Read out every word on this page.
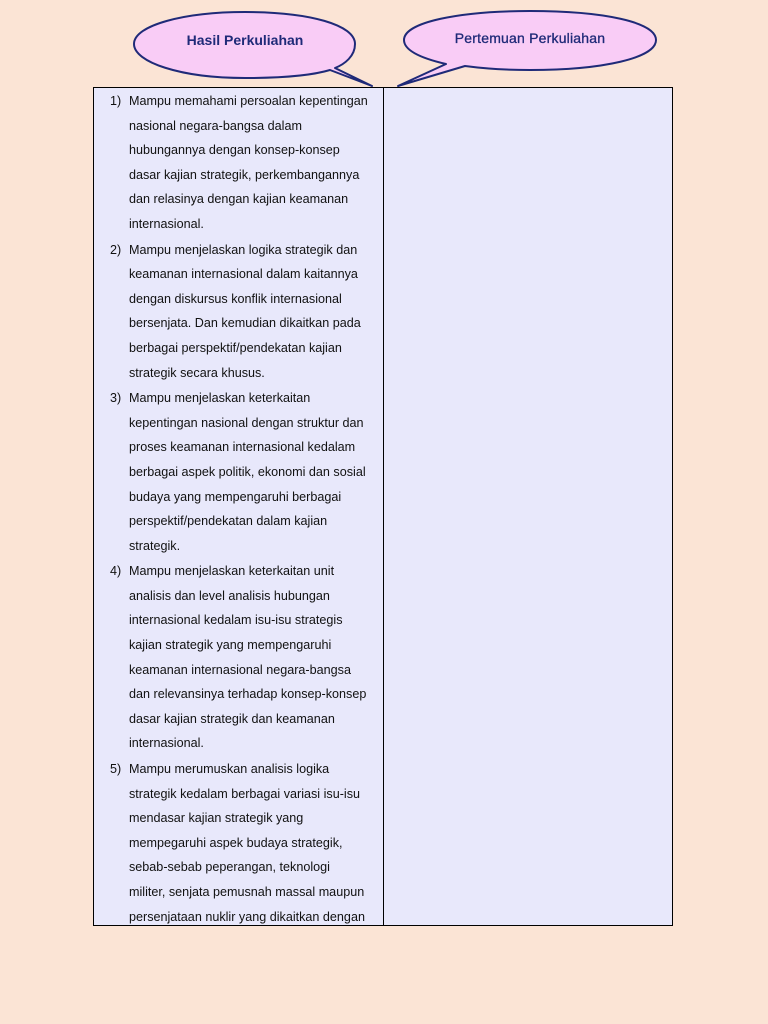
Hasil Perkuliahan	Pertemuan Perkuliahan
1) Mampu memahami persoalan kepentingan
nasional negara-bangsa dalam
hubungannya dengan konsep-konsep
dasar kajian strategik, perkembangannya
dan relasinya dengan kajian keamanan
internasional.
2) Mampu menjelaskan logika strategik dan
keamanan internasional dalam kaitannya
dengan diskursus konflik internasional
bersenjata. Dan kemudian dikaitkan pada
berbagai perspektif/pendekatan kajian
strategik secara khusus.
3) Mampu menjelaskan keterkaitan
kepentingan nasional dengan struktur dan
proses keamanan internasional kedalam
berbagai aspek politik, ekonomi dan sosial
budaya yang mempengaruhi berbagai
perspektif/pendekatan dalam kajian
strategik.
4) Mampu menjelaskan keterkaitan unit
analisis dan level analisis hubungan
internasional kedalam isu-isu strategis
kajian strategik yang mempengaruhi
keamanan internasional negara-bangsa
dan relevansinya terhadap konsep-konsep
dasar kajian strategik dan keamanan
internasional.
5) Mampu merumuskan analisis logika
strategik kedalam berbagai variasi isu-isu
mendasar kajian strategik yang
mempegaruhi aspek budaya strategik,
sebab-sebab peperangan, teknologi
militer, senjata pemusnah massal maupun
persenjataan nuklir yang dikaitkan dengan
